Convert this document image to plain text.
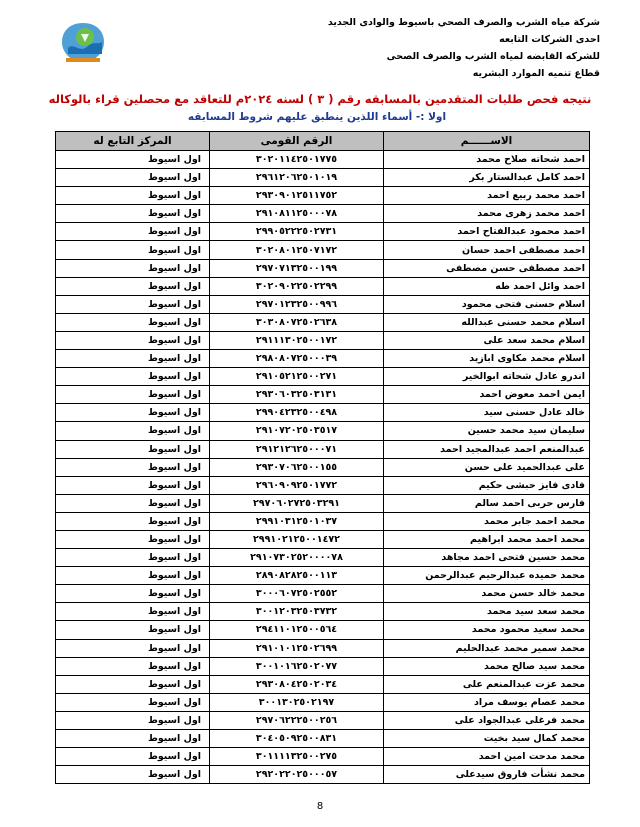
شركة مياه الشرب والصرف الصحي باسيوط والوادى الجديد
احدى الشركات التابعه
للشركه القابضه لمياه الشرب والصرف الصحى
قطاع تنميه الموارد البشريه
نتيجه فحص طلبات المتقدمين بالمسابقه رقم ( ٣ ) لسنه ٢٠٢٤م للتعاقد مع محصلين قراء بالوكاله
اولا :- أسماء اللذين ينطبق عليهم شروط المسابقه
الاســــــم	الرقم القومى	المركز التابع له
احمد شحاته صلاح محمد	٣٠٢٠١١٤٢٥٠١٧٧٥	اول اسيوط
احمد كامل عبدالستار بكر	٢٩٦١٢٠٦٢٥٠١٠١٩	اول اسيوط
احمد محمد ربيع احمد	٢٩٣٠٩٠١٢٥١١٧٥٢	اول اسيوط
احمد محمد زهرى محمد	٢٩١٠٨١١٢٥٠٠٠٧٨	اول اسيوط
احمد محمود عبدالفتاح احمد	٢٩٩٠٥٢٢٢٥٠٢٧٣١	اول اسيوط
احمد مصطفى احمد حسان	٣٠٢٠٨٠١٢٥٠٧١٧٢	اول اسيوط
احمد مصطفى حسن مصطفى	٢٩٧٠٧١٣٢٥٠٠١٩٩	اول اسيوط
احمد وائل احمد طه	٣٠٢٠٩٠٢٢٥٠٢٢٩٩	اول اسيوط
اسلام حسنى فتحى محمود	٢٩٧٠١٢٣٢٥٠٠٩٩٦	اول اسيوط
اسلام محمد حسنى عبدالله	٣٠٣٠٨٠٧٢٥٠٢٦٣٨	اول اسيوط
اسلام محمد سعد على	٢٩١١١٣٠٢٥٠٠١٧٢	اول اسيوط
اسلام محمد مكاوى ابازيد	٢٩٨٠٨٠٧٢٥٠٠٠٣٩	اول اسيوط
اندرو عادل شحاته ابوالخير	٢٩١٠٥٢١٢٥٠٠٢٧١	اول اسيوط
ايمن احمد معوض احمد	٢٩٣٠٦٠٣٢٥٠٣١٣١	اول اسيوط
خالد عادل حسنى سيد	٢٩٩٠٤٢٣٢٥٠٠٤٩٨	اول اسيوط
سليمان سيد محمد حسين	٢٩١٠٧٢٠٢٥٠٣٥١٧	اول اسيوط
عبدالمنعم احمد عبدالمجيد احمد	٢٩١٢١٢٦٢٥٠٠٠٧١	اول اسيوط
على عبدالحميد على حسن	٢٩٣٠٧٠٦٢٥٠٠١٥٥	اول اسيوط
فادى فايز حبشى حكيم	٢٩٦٠٩٠٩٢٥٠١٧٧٢	اول اسيوط
فارس حربى احمد سالم	٢٩٧٠٦٠٢٧٢٥٠٣٢٩١	اول اسيوط
محمد احمد جابر محمد	٢٩٩١٠٣١٢٥٠١٠٣٧	اول اسيوط
محمد احمد محمد ابراهيم	٢٩٩١٠٢١٢٥٠٠١٤٧٢	اول اسيوط
محمد حسين فتحى احمد مجاهد	٢٩١٠٧٣٠٢٥٢٠٠٠٠٧٨	اول اسيوط
محمد حميده عبدالرحيم عبدالرحمن	٢٨٩٠٨٢٨٢٥٠٠١١٣	اول اسيوط
محمد خالد حسن محمد	٣٠٠٠٦٠٧٢٥٠٢٥٥٢	اول اسيوط
محمد سعد سيد محمد	٣٠٠١٢٠٣٢٥٠٣٧٣٢	اول اسيوط
محمد سعيد محمود محمد	٢٩٤١١٠١٢٥٠٠٥٦٤	اول اسيوط
محمد سمير محمد عبدالحليم	٢٩١٠١٠١٢٥٠٢٦٩٩	اول اسيوط
محمد سيد صالح محمد	٣٠٠١٠١٦٢٥٠٢٠٧٧	اول اسيوط
محمد عزت عبدالمنعم على	٢٩٣٠٨٠٤٢٥٠٢٠٣٤	اول اسيوط
محمد عصام يوسف مراد	٣٠٠١٣٠٢٥٠٢١٩٧	اول اسيوط
محمد فرغلى عبدالجواد على	٢٩٧٠٦٢٢٢٥٠٠٢٥٦	اول اسيوط
محمد كمال سيد بخيت	٣٠٤٠٥٠٩٢٥٠٠٨٣١	اول اسيوط
محمد مدحت امين احمد	٣٠١١١١٣٢٥٠٠٢٧٥	اول اسيوط
محمد نشأت فاروق سيدعلى	٢٩٢٠٢٢٠٢٥٠٠٠٥٧	اول اسيوط
8
